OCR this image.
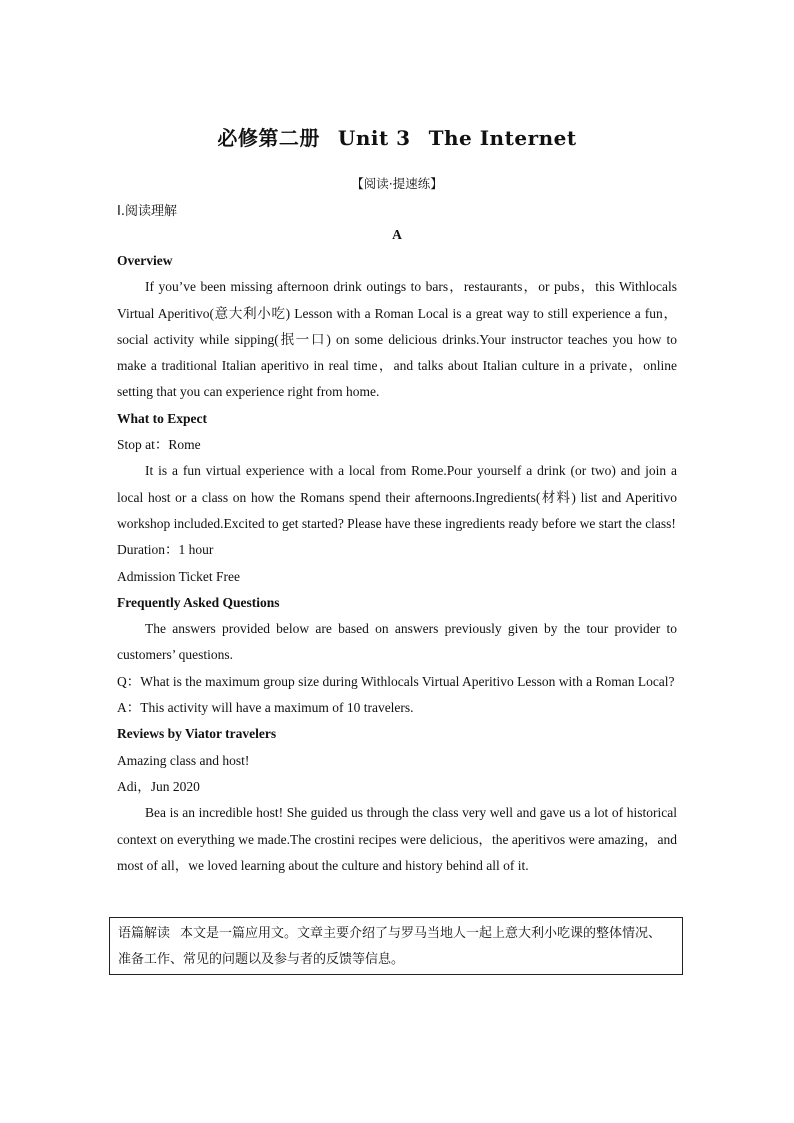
必修第二册 Unit 3 The Internet
【阅读·提速练】
Ⅰ.阅读理解
A

Overview

If you’ve been missing afternoon drink outings to bars，restaurants，or pubs，this Withlocals Virtual Aperitivo(意大利小吃) Lesson with a Roman Local is a great way to still experience a fun，social activity while sipping(抿一口) on some delicious drinks.Your instructor teaches you how to make a traditional Italian aperitivo in real time，and talks about Italian culture in a private，online setting that you can experience right from home.

What to Expect

Stop at：Rome

It is a fun virtual experience with a local from Rome.Pour yourself a drink (or two) and join a local host or a class on how the Romans spend their afternoons.Ingredients(材料) list and Aperitivo workshop included.Excited to get started? Please have these ingredients ready before we start the class!

Duration：1 hour

Admission Ticket Free

Frequently Asked Questions

The answers provided below are based on answers previously given by the tour provider to customers’ questions.

Q：What is the maximum group size during Withlocals Virtual Aperitivo Lesson with a Roman Local?

A：This activity will have a maximum of 10 travelers.

Reviews by Viator travelers

Amazing class and host!

Adi，Jun 2020

Bea is an incredible host! She guided us through the class very well and gave us a lot of historical context on everything we made.The crostini recipes were delicious，the aperitivos were amazing，and most of all，we loved learning about the culture and history behind all of it.

语篇解读 本文是一篇应用文。文章主要介绍了与罗马当地人一起上意大利小吃课的整体情况、准备工作、常见的问题以及参与者的反馈等信息。
